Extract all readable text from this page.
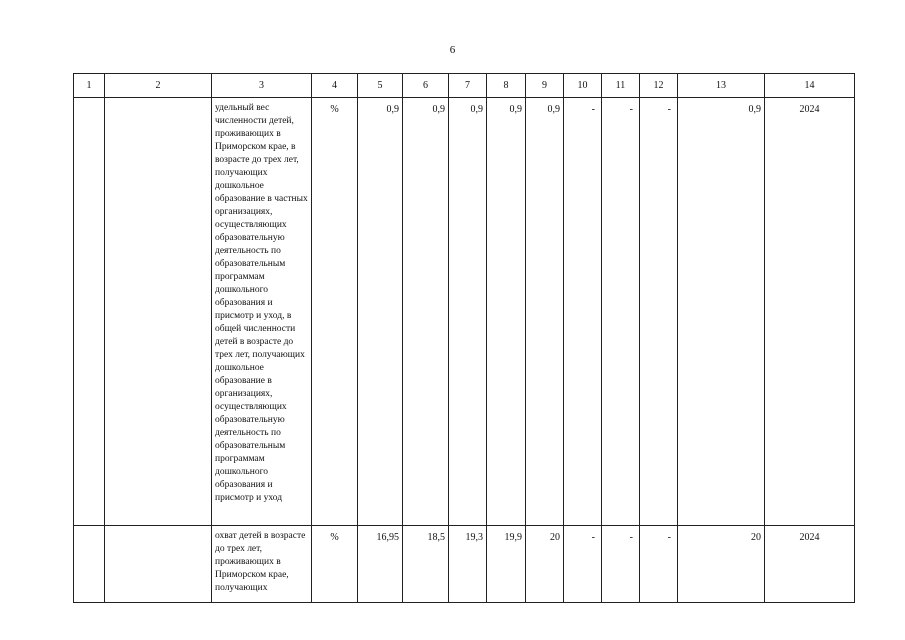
6
1	2	3	4	5	6	7	8	9	10	11	12	13	14
		удельный вес численности детей, проживающих в Приморском крае, в возрасте до трех лет, получающих дошкольное образование в частных организациях, осуществляющих образовательную деятельность по образовательным программам дошкольного образования и присмотр и уход, в общей численности детей в возрасте до трех лет, получающих дошкольное образование в организациях, осуществляющих образовательную деятельность по образовательным программам дошкольного образования и присмотр и уход	%	0,9	0,9	0,9	0,9	0,9	-	-	-	0,9	2024
		охват детей в возрасте до трех лет, проживающих в Приморском крае, получающих	%	16,95	18,5	19,3	19,9	20	-	-	-	20	2024
